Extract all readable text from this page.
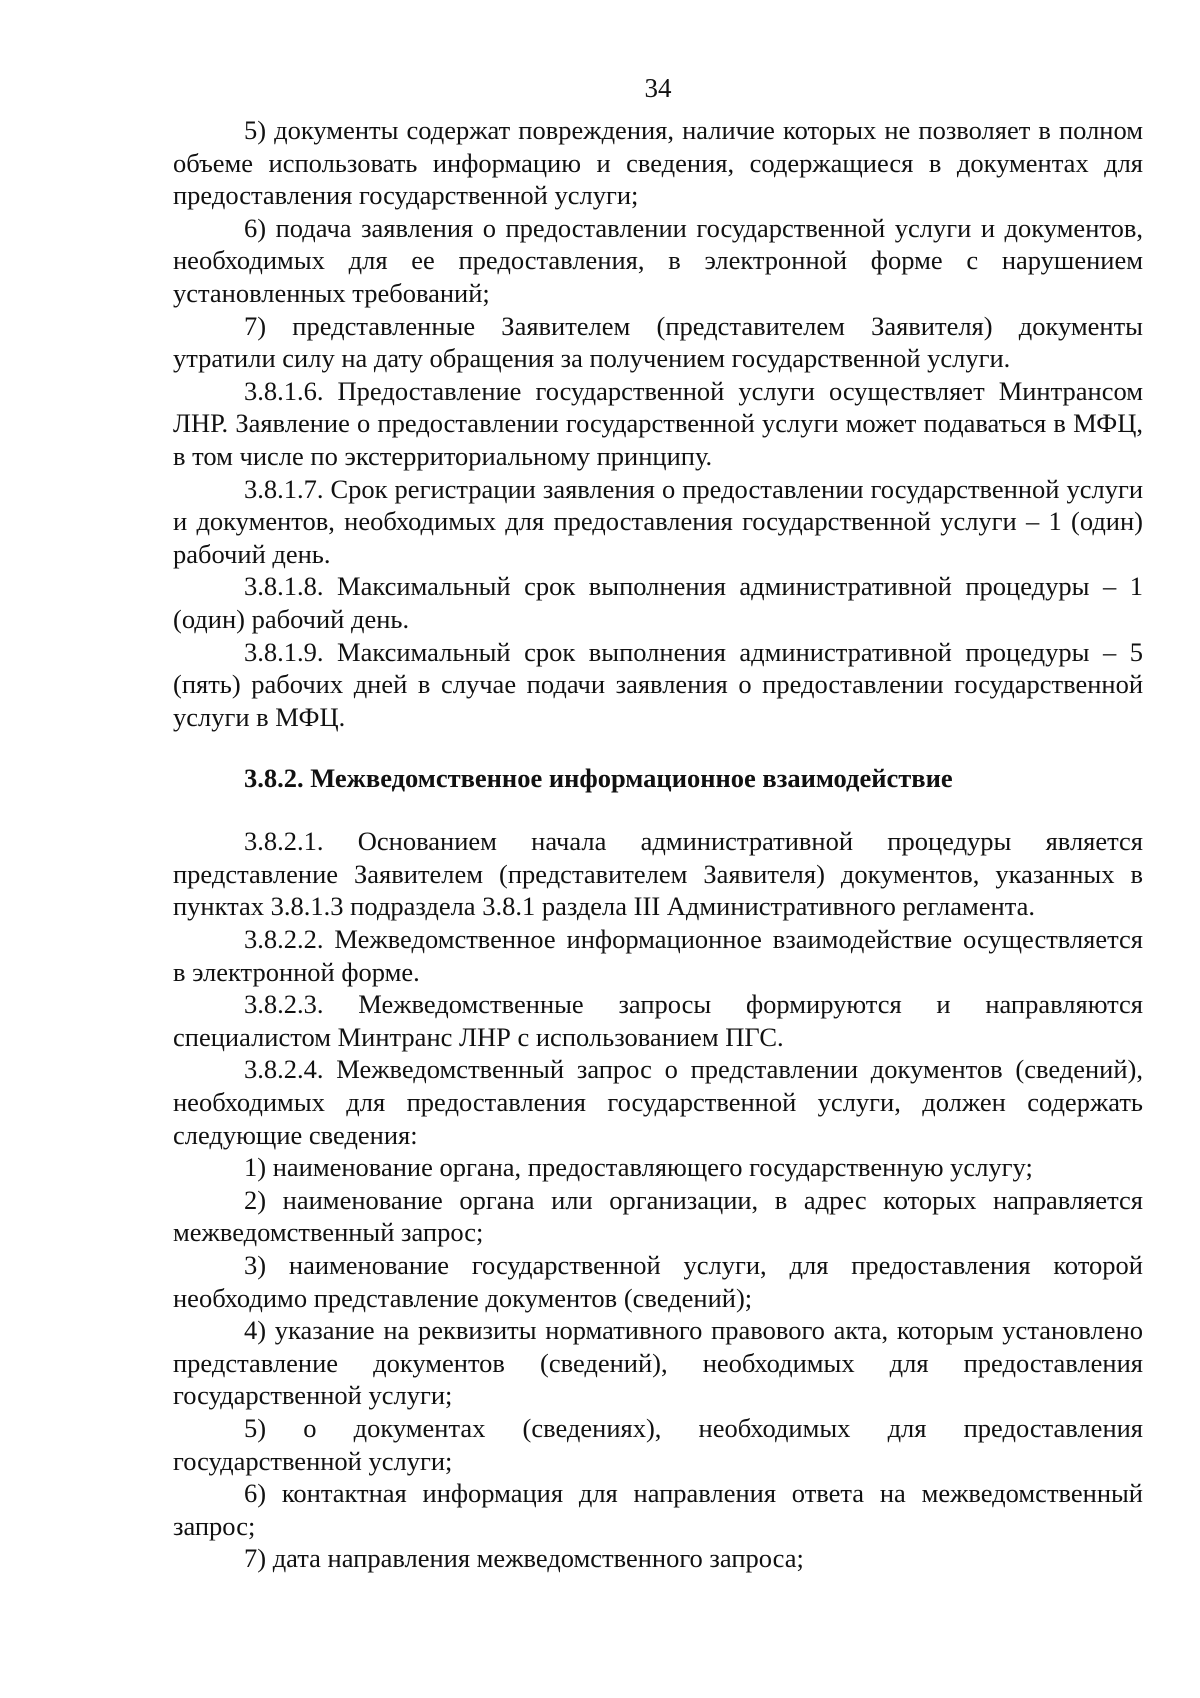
34

5) документы содержат повреждения, наличие которых не позволяет в полном объеме использовать информацию и сведения, содержащиеся в документах для предоставления государственной услуги;

6) подача заявления о предоставлении государственной услуги и документов, необходимых для ее предоставления, в электронной форме с нарушением установленных требований;

7) представленные Заявителем (представителем Заявителя) документы утратили силу на дату обращения за получением государственной услуги.

3.8.1.6. Предоставление государственной услуги осуществляет Минтрансом ЛНР. Заявление о предоставлении государственной услуги может подаваться в МФЦ, в том числе по экстерриториальному принципу.

3.8.1.7. Срок регистрации заявления о предоставлении государственной услуги и документов, необходимых для предоставления государственной услуги – 1 (один) рабочий день.

3.8.1.8. Максимальный срок выполнения административной процедуры – 1 (один) рабочий день.

3.8.1.9. Максимальный срок выполнения административной процедуры – 5 (пять) рабочих дней в случае подачи заявления о предоставлении государственной услуги в МФЦ.

3.8.2. Межведомственное информационное взаимодействие

3.8.2.1. Основанием начала административной процедуры является представление Заявителем (представителем Заявителя) документов, указанных в пунктах 3.8.1.3 подраздела 3.8.1 раздела III Административного регламента.

3.8.2.2. Межведомственное информационное взаимодействие осуществляется в электронной форме.

3.8.2.3. Межведомственные запросы формируются и направляются специалистом Минтранс ЛНР с использованием ПГС.

3.8.2.4. Межведомственный запрос о представлении документов (сведений), необходимых для предоставления государственной услуги, должен содержать следующие сведения:

1) наименование органа, предоставляющего государственную услугу;

2) наименование органа или организации, в адрес которых направляется межведомственный запрос;

3) наименование государственной услуги, для предоставления которой необходимо представление документов (сведений);

4) указание на реквизиты нормативного правового акта, которым установлено представление документов (сведений), необходимых для предоставления государственной услуги;

5) о документах (сведениях), необходимых для предоставления государственной услуги;

6) контактная информация для направления ответа на межведомственный запрос;

7) дата направления межведомственного запроса;
